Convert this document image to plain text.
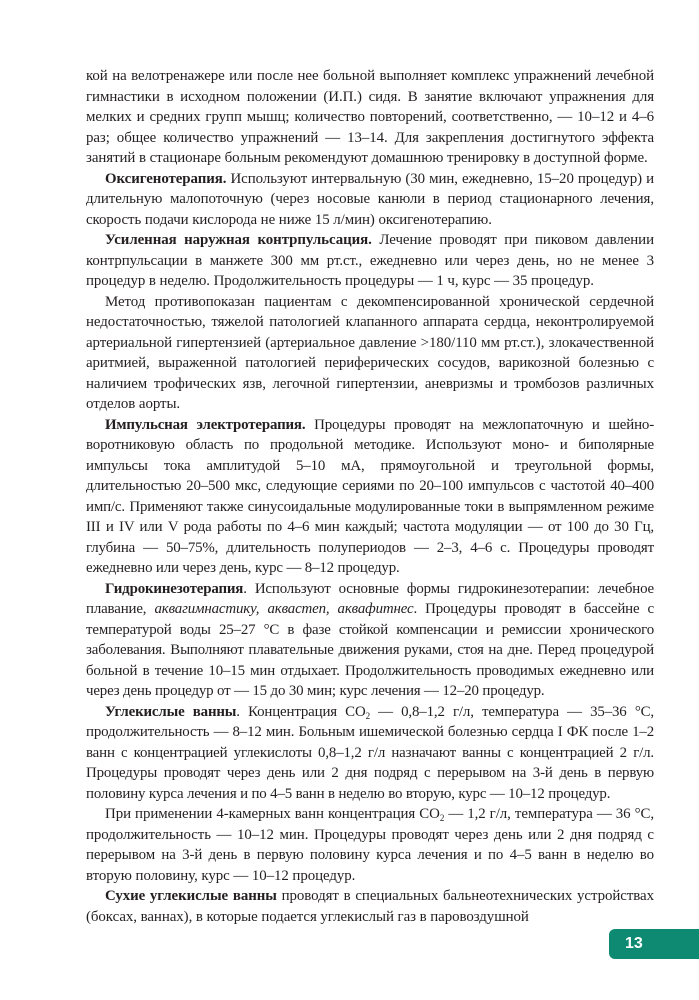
кой на велотренажере или после нее больной выполняет комплекс упражнений лечебной гимнастики в исходном положении (И.П.) сидя. В занятие включают упражнения для мелких и средних групп мышц; количество повторений, соответственно, — 10–12 и 4–6 раз; общее количество упражнений — 13–14. Для закрепления достигнутого эффекта занятий в стационаре больным рекомендуют домашнюю тренировку в доступной форме.

Оксигенотерапия. Используют интервальную (30 мин, ежедневно, 15–20 процедур) и длительную малопоточную (через носовые канюли в период стационарного лечения, скорость подачи кислорода не ниже 15 л/мин) оксигенотерапию.

Усиленная наружная контрпульсация. Лечение проводят при пиковом давлении контрпульсации в манжете 300 мм рт.ст., ежедневно или через день, но не менее 3 процедур в неделю. Продолжительность процедуры — 1 ч, курс — 35 процедур.

Метод противопоказан пациентам с декомпенсированной хронической сердечной недостаточностью, тяжелой патологией клапанного аппарата сердца, неконтролируемой артериальной гипертензией (артериальное давление >180/110 мм рт.ст.), злокачественной аритмией, выраженной патологией периферических сосудов, варикозной болезнью с наличием трофических язв, легочной гипертензии, аневризмы и тромбозов различных отделов аорты.

Импульсная электротерапия. Процедуры проводят на межлопаточную и шейно-воротниковую область по продольной методике. Используют моно- и биполярные импульсы тока амплитудой 5–10 мА, прямоугольной и треугольной формы, длительностью 20–500 мкс, следующие сериями по 20–100 импульсов с частотой 40–400 имп/с. Применяют также синусоидальные модулированные токи в выпрямленном режиме III и IV или V рода работы по 4–6 мин каждый; частота модуляции — от 100 до 30 Гц, глубина — 50–75%, длительность полупериодов — 2–3, 4–6 с. Процедуры проводят ежедневно или через день, курс — 8–12 процедур.

Гидрокинезотерапия. Используют основные формы гидрокинезотерапии: лечебное плавание, аквагимнастику, аквастеп, аквафитнес. Процедуры проводят в бассейне с температурой воды 25–27 °C в фазе стойкой компенсации и ремиссии хронического заболевания. Выполняют плавательные движения руками, стоя на дне. Перед процедурой больной в течение 10–15 мин отдыхает. Продолжительность проводимых ежедневно или через день процедур от — 15 до 30 мин; курс лечения — 12–20 процедур.

Углекислые ванны. Концентрация $CO_2$ — 0,8–1,2 г/л, температура — 35–36 °C, продолжительность — 8–12 мин. Больным ишемической болезнью сердца I ФК после 1–2 ванн с концентрацией углекислоты 0,8–1,2 г/л назначают ванны с концентрацией 2 г/л. Процедуры проводят через день или 2 дня подряд с перерывом на 3-й день в первую половину курса лечения и по 4–5 ванн в неделю во вторую, курс — 10–12 процедур.

При применении 4-камерных ванн концентрация $CO_2$ — 1,2 г/л, температура — 36 °C, продолжительность — 10–12 мин. Процедуры проводят через день или 2 дня подряд с перерывом на 3-й день в первую половину курса лечения и по 4–5 ванн в неделю во вторую половину, курс — 10–12 процедур.

Сухие углекислые ванны проводят в специальных бальнеотехнических устройствах (боксах, ваннах), в которые подается углекислый газ в паровоздушной

13
